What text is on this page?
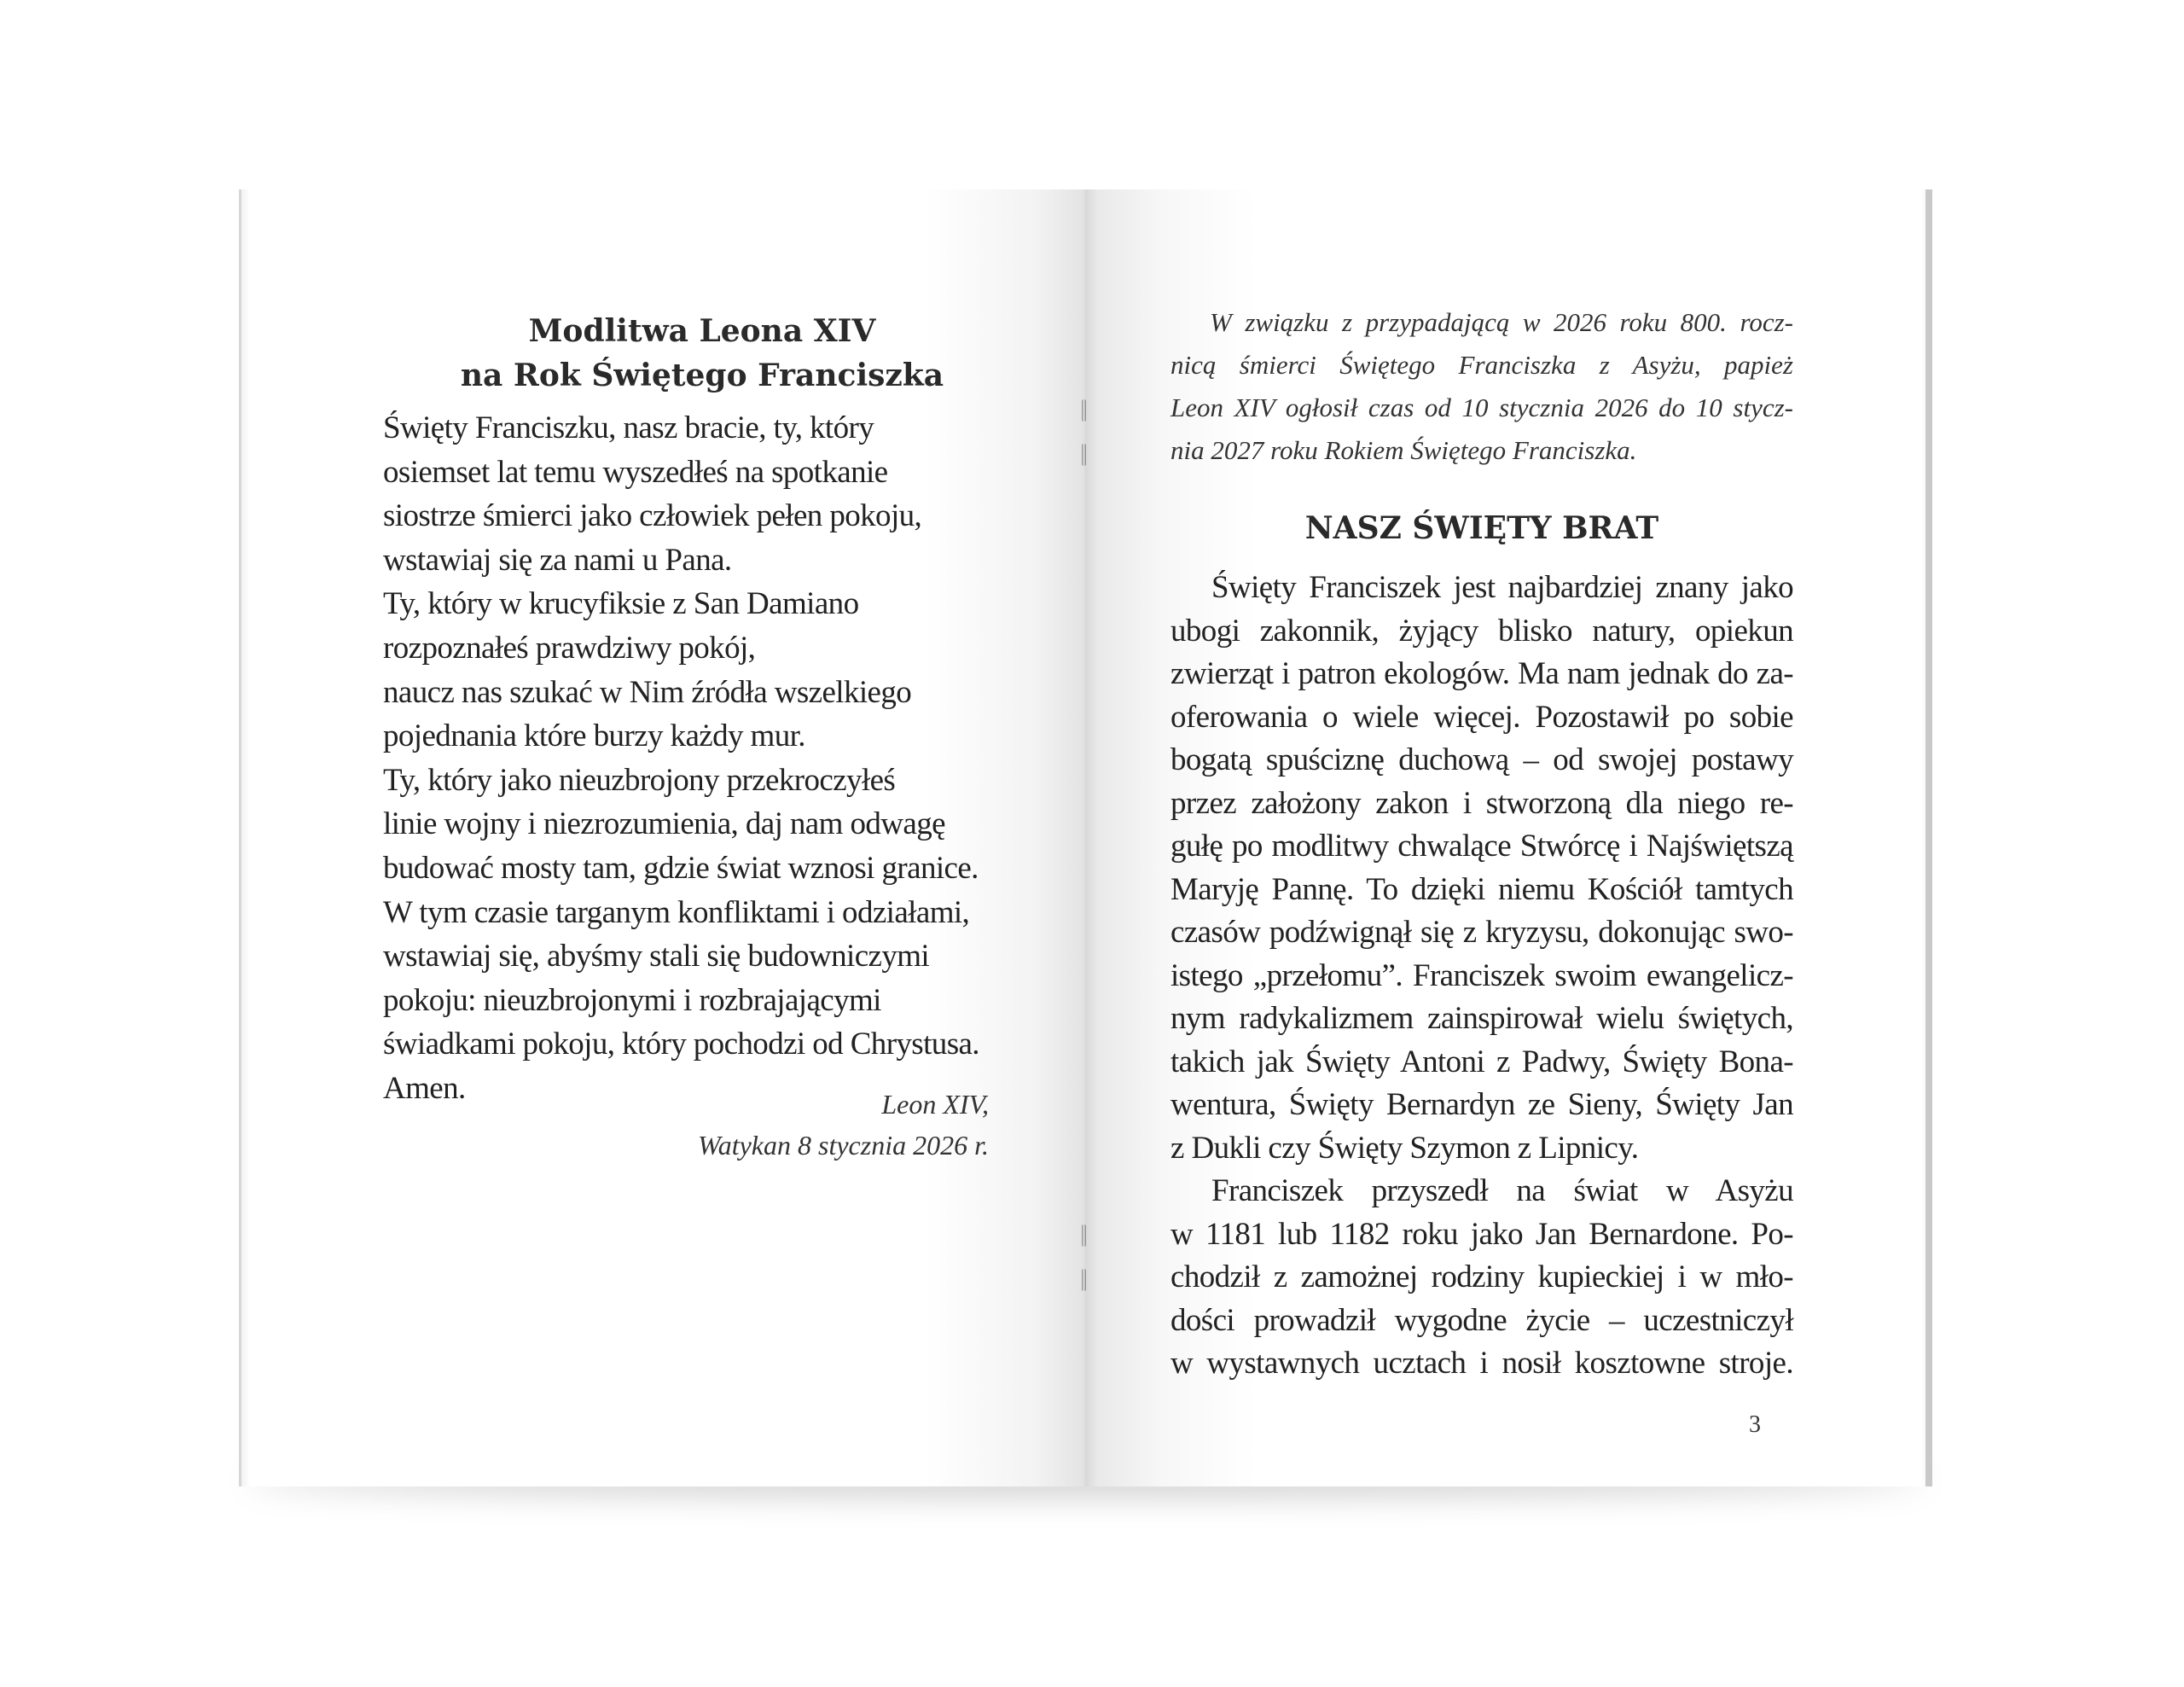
Modlitwa Leona XIV
na Rok Świętego Franciszka
Święty Franciszku, nasz bracie, ty, który
osiemset lat temu wyszedłeś na spotkanie
siostrze śmierci jako człowiek pełen pokoju,
wstawiaj się za nami u Pana.
Ty, który w krucyfiksie z San Damiano
rozpoznałeś prawdziwy pokój,
naucz nas szukać w Nim źródła wszelkiego
pojednania które burzy każdy mur.
Ty, który jako nieuzbrojony przekroczyłeś
linie wojny i niezrozumienia, daj nam odwagę
budować mosty tam, gdzie świat wznosi granice.
W tym czasie targanym konfliktami i odziałami,
wstawiaj się, abyśmy stali się budowniczymi
pokoju: nieuzbrojonymi i rozbrajającymi
świadkami pokoju, który pochodzi od Chrystusa.
Amen.	Leon XIV,
Watykan 8 stycznia 2026 r.
W związku z przypadającą w 2026 roku 800. rocz-
nicą śmierci Świętego Franciszka z Asyżu, papież
Leon XIV ogłosił czas od 10 stycznia 2026 do 10 stycz-
nia 2027 roku Rokiem Świętego Franciszka.
NASZ ŚWIĘTY BRAT
Święty Franciszek jest najbardziej znany jako
ubogi zakonnik, żyjący blisko natury, opiekun
zwierząt i patron ekologów. Ma nam jednak do za-
oferowania o wiele więcej. Pozostawił po sobie
bogatą spuściznę duchową – od swojej postawy
przez założony zakon i stworzoną dla niego re-
gułę po modlitwy chwalące Stwórcę i Najświętszą
Maryję Pannę. To dzięki niemu Kościół tamtych
czasów podźwignął się z kryzysu, dokonując swo-
istego „przełomu”. Franciszek swoim ewangelicz-
nym radykalizmem zainspirował wielu świętych,
takich jak Święty Antoni z Padwy, Święty Bona-
wentura, Święty Bernardyn ze Sieny, Święty Jan
z Dukli czy Święty Szymon z Lipnicy.
Franciszek przyszedł na świat w Asyżu
w 1181 lub 1182 roku jako Jan Bernardone. Po-
chodził z zamożnej rodziny kupieckiej i w mło-
dości prowadził wygodne życie – uczestniczył
w wystawnych ucztach i nosił kosztowne stroje.
3
